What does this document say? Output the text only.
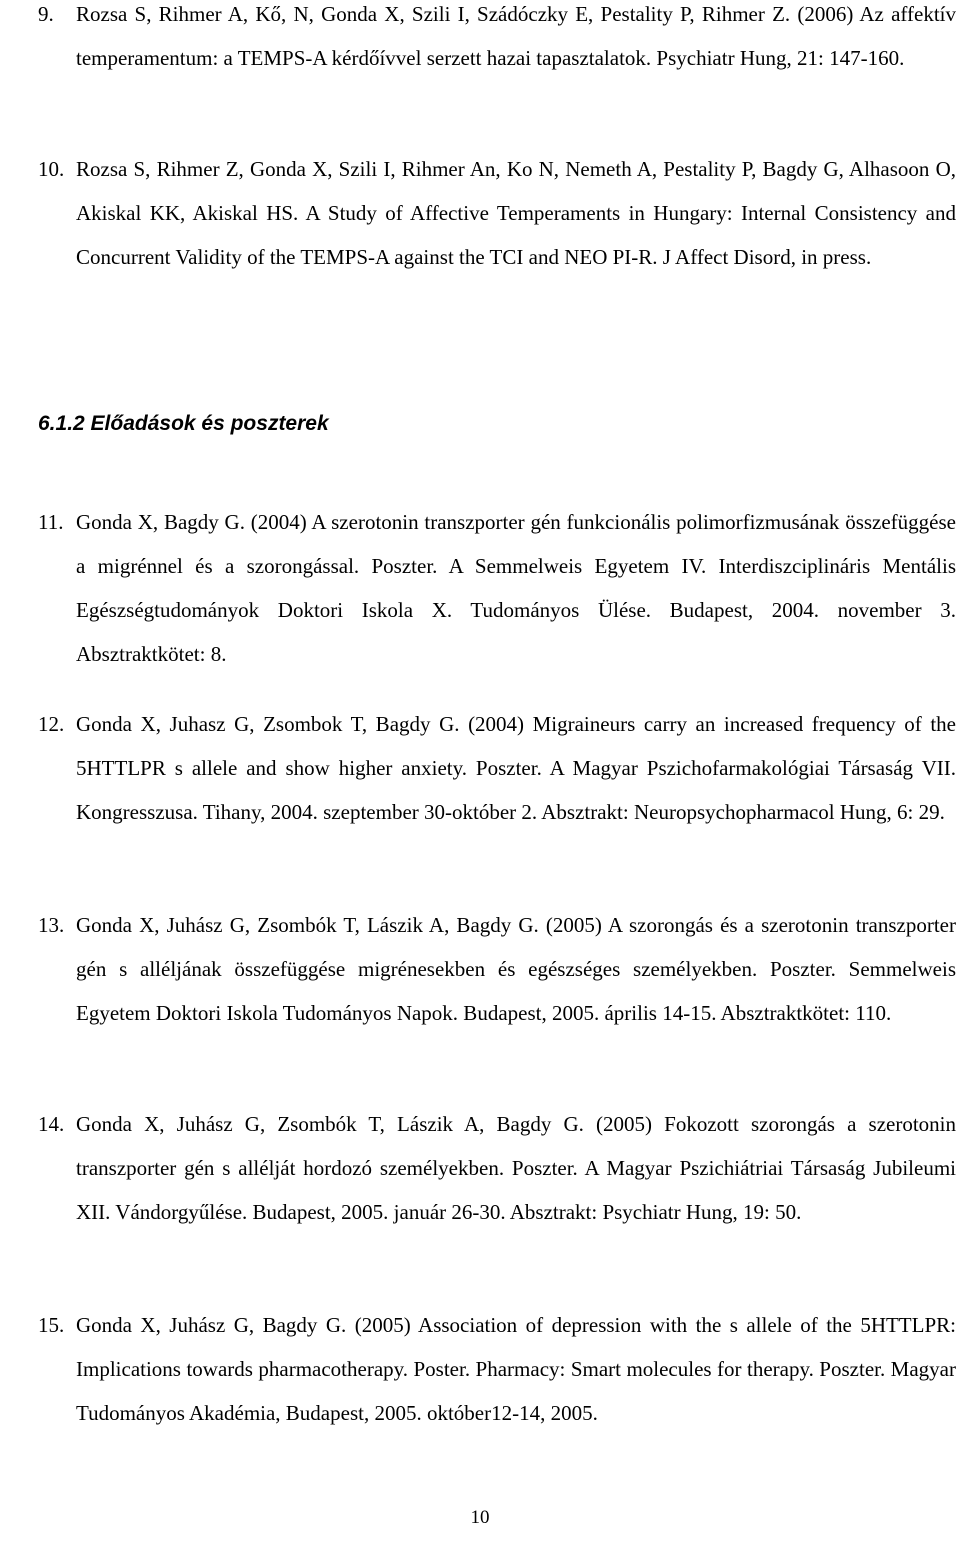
9. Rozsa S, Rihmer A, Kő, N, Gonda X, Szili I, Szádóczky E, Pestality P, Rihmer Z. (2006) Az affektív temperamentum: a TEMPS-A kérdőívvel serzett hazai tapasztalatok. Psychiatr Hung, 21: 147-160.
10. Rozsa S, Rihmer Z, Gonda X, Szili I, Rihmer An, Ko N, Nemeth A, Pestality P, Bagdy G, Alhasoon O, Akiskal KK, Akiskal HS. A Study of Affective Temperaments in Hungary: Internal Consistency and Concurrent Validity of the TEMPS-A against the TCI and NEO PI-R. J Affect Disord, in press.
6.1.2 Előadások és poszterek
11. Gonda X, Bagdy G. (2004) A szerotonin transzporter gén funkcionális polimorfizmusának összefüggése a migrénnel és a szorongással. Poszter. A Semmelweis Egyetem IV. Interdiszciplináris Mentális Egészségtudományok Doktori Iskola X. Tudományos Ülése. Budapest, 2004. november 3. Absztraktkötet: 8.
12. Gonda X, Juhasz G, Zsombok T, Bagdy G. (2004) Migraineurs carry an increased frequency of the 5HTTLPR s allele and show higher anxiety. Poszter. A Magyar Pszichofarmakológiai Társaság VII. Kongresszusa. Tihany, 2004. szeptember 30-október 2. Absztrakt: Neuropsychopharmacol Hung, 6: 29.
13. Gonda X, Juhász G, Zsombók T, Lászik A, Bagdy G. (2005) A szorongás és a szerotonin transzporter gén s alléljának összefüggése migrénesekben és egészséges személyekben. Poszter. Semmelweis Egyetem Doktori Iskola Tudományos Napok. Budapest, 2005. április 14-15. Absztraktkötet: 110.
14. Gonda X, Juhász G, Zsombók T, Lászik A, Bagdy G. (2005) Fokozott szorongás a szerotonin transzporter gén s allélját hordozó személyekben. Poszter. A Magyar Pszichiátriai Társaság Jubileumi XII. Vándorgyűlése. Budapest, 2005. január 26-30. Absztrakt: Psychiatr Hung, 19: 50.
15. Gonda X, Juhász G, Bagdy G. (2005) Association of depression with the s allele of the 5HTTLPR: Implications towards pharmacotherapy. Poster. Pharmacy: Smart molecules for therapy. Poszter. Magyar Tudományos Akadémia, Budapest, 2005. október12-14, 2005.
10
